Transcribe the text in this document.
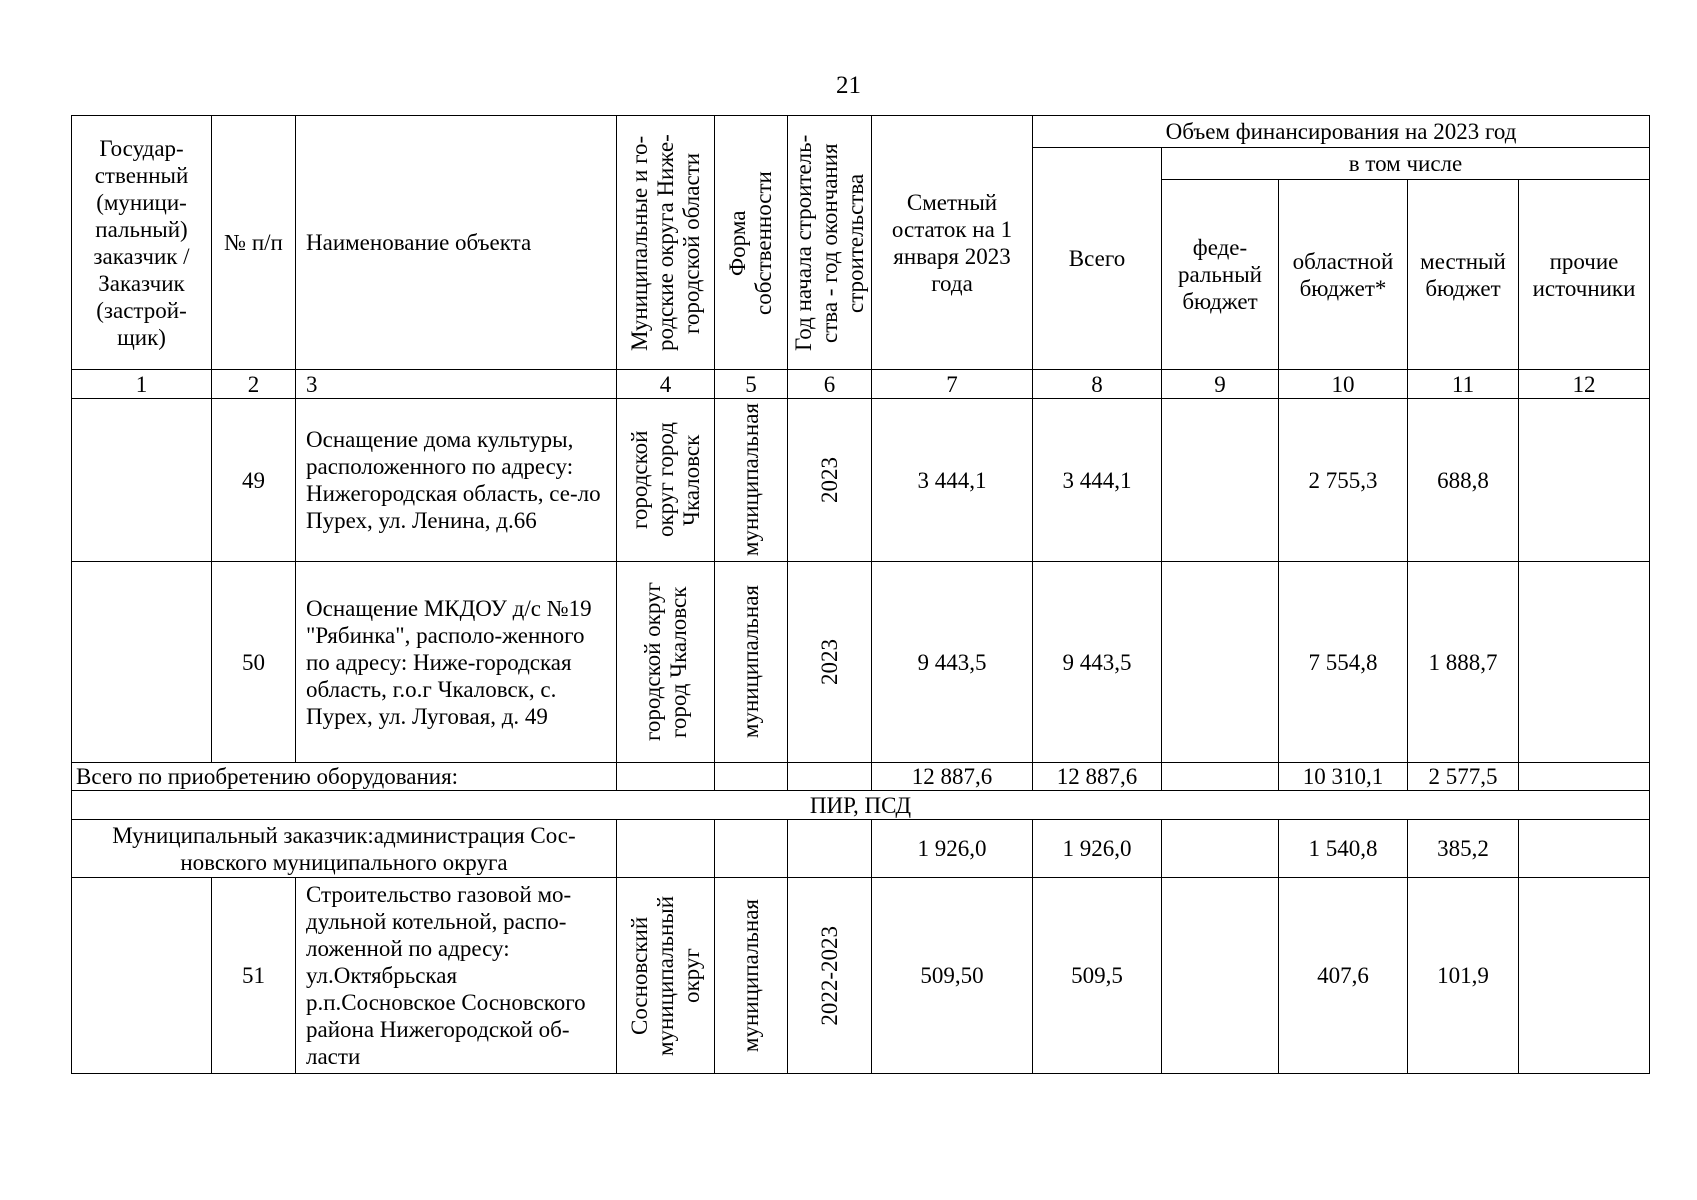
21
Государ-ственный (муници-пальный) заказчик / Заказчик (застрой-щик)	№ п/п	Наименование объекта	Муниципальные и го-родские округа Ниже-городской области	Форма собственности	Год начала строитель-ства - год окончания строительства	Сметный остаток на 1 января 2023 года	Объем финансирования на 2023 год				
							Всего	в том числе			
								феде-ральный бюджет	областной бюджет*	местный бюджет	прочие источники
1	2	3	4	5	6	7	8	9	10	11	12
	49	Оснащение дома культуры, расположенного по адресу: Нижегородская область, се-ло Пурех, ул. Ленина, д.66	городской округ город Чкаловск	муниципальная	2023	3 444,1	3 444,1		2 755,3	688,8	
	50	Оснащение МКДОУ д/с №19 "Рябинка", располо-женного по адресу: Ниже-городская область, г.о.г Чкаловск, с. Пурех, ул. Луговая, д. 49	городской округ город Чкаловск	муниципальная	2023	9 443,5	9 443,5		7 554,8	1 888,7	
Всего по приобретению оборудования:						12 887,6	12 887,6		10 310,1	2 577,5	
ПИР, ПСД											
Муниципальный заказчик:администрация Сос-новского муниципального округа						1 926,0	1 926,0		1 540,8	385,2	
	51	Строительство газовой мо-дульной котельной, распо-ложенной по адресу: ул.Октябрьская р.п.Сосновское Сосновского района Нижегородской об-ласти	Сосновский муниципальный округ	муниципальная	2022-2023	509,50	509,5		407,6	101,9	
